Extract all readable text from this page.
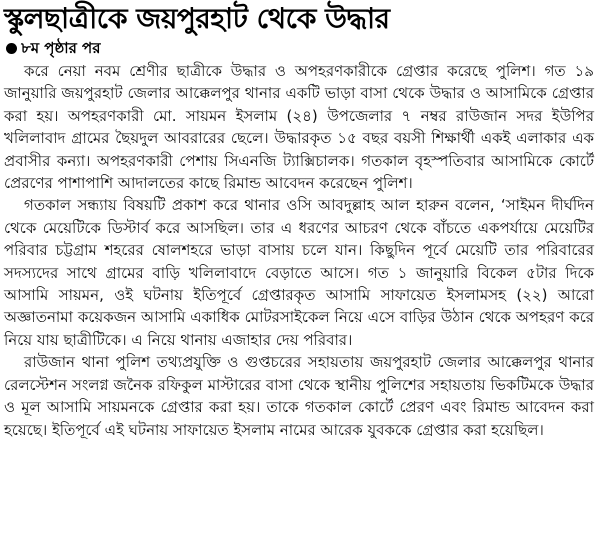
স্কুলছাত্রীকে জয়পুরহাট থেকে উদ্ধার
৮ম পৃষ্ঠার পর

করে নেয়া নবম শ্রেণীর ছাত্রীকে উদ্ধার ও অপহরণকারীকে গ্রেপ্তার করেছে পুলিশ। গত ১৯ জানুয়ারি জয়পুরহাট জেলার আক্কেলপুর থানার একটি ভাড়া বাসা থেকে উদ্ধার ও আসামিকে গ্রেপ্তার করা হয়। অপহরণকারী মো. সায়মন ইসলাম (২৪) উপজেলার ৭ নম্বর রাউজান সদর ইউপির খলিলাবাদ গ্রামের ছৈয়দুল আবরারের ছেলে। উদ্ধারকৃত ১৫ বছর বয়সী শিক্ষার্থী একই এলাকার এক প্রবাসীর কন্যা। অপহরণকারী পেশায় সিএনজি ট্যাক্সিচালক। গতকাল বৃহস্পতিবার আসামিকে কোর্টে প্রেরণের পাশাপাশি আদালতের কাছে রিমান্ড আবেদন করেছেন পুলিশ।

গতকাল সন্ধ্যায় বিষয়টি প্রকাশ করে থানার ওসি আবদুল্লাহ আল হারুন বলেন, ‘সাইমন দীর্ঘদিন থেকে মেয়েটিকে ডিস্টার্ব করে আসছিল। তার এ ধরণের আচরণ থেকে বাঁচতে একপর্যায়ে মেয়েটির পরিবার চট্টগ্রাম শহরের ষোলশহরে ভাড়া বাসায় চলে যান। কিছুদিন পূর্বে মেয়েটি তার পরিবারের সদস্যদের সাথে গ্রামের বাড়ি খলিলাবাদে বেড়াতে আসে। গত ১ জানুয়ারি বিকেল ৫টার দিকে আসামি সায়মন, ওই ঘটনায় ইতিপূর্বে গ্রেপ্তারকৃত আসামি সাফায়েত ইসলামসহ (২২) আরো অজ্ঞাতনামা কয়েকজন আসামি একাধিক মোটরসাইকেল নিয়ে এসে বাড়ির উঠান থেকে অপহরণ করে নিয়ে যায় ছাত্রীটিকে। এ নিয়ে থানায় এজাহার দেয় পরিবার।

রাউজান থানা পুলিশ তথ্যপ্রযুক্তি ও গুপ্তচরের সহায়তায় জয়পুরহাট জেলার আক্কেলপুর থানার রেলস্টেশন সংলগ্ন জনৈক রফিকুল মাস্টারের বাসা থেকে স্থানীয় পুলিশের সহায়তায় ভিকটিমকে উদ্ধার ও মূল আসামি সায়মনকে গ্রেপ্তার করা হয়। তাকে গতকাল কোর্টে প্রেরণ এবং রিমান্ড আবেদন করা হয়েছে। ইতিপূর্বে এই ঘটনায় সাফায়েত ইসলাম নামের আরেক যুবককে গ্রেপ্তার করা হয়েছিল।
